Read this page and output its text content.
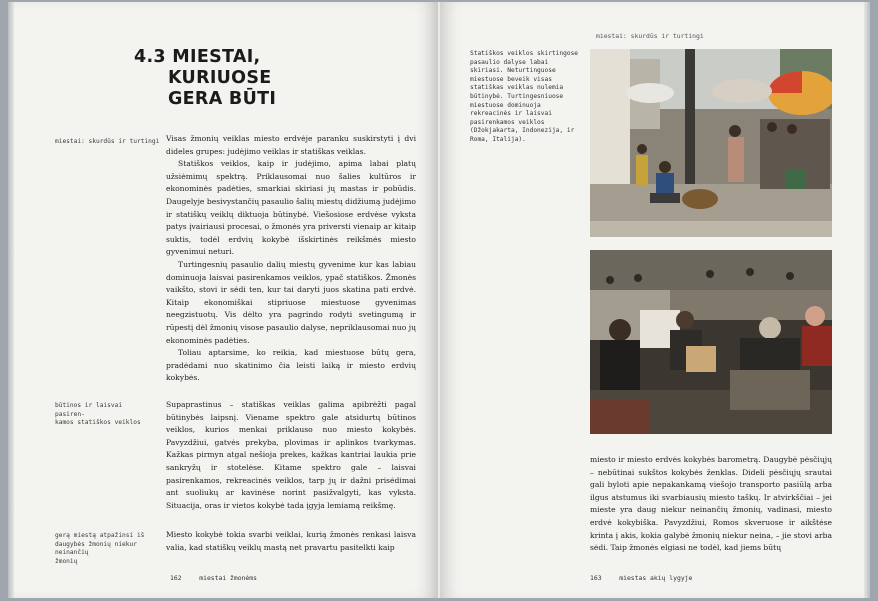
4.3 MIESTAI,
KURIUOSE
GERA BŪTI
miestai: skurdūs ir turtingi
būtinos ir laisvai pasiren-
kamos statiškos veiklos
gerą miestą atpažinsi iš
daugybės žmonių niekur neinančių
žmonių

Visas žmonių veiklas miesto erdvėje paranku suskirstyti į dvi dideles grupes: judėjimo veiklas ir statiškas veiklas.

Statiškos veiklos, kaip ir judėjimo, apima labai platų užsiėmimų spektrą. Priklausomai nuo šalies kultūros ir ekonominės padėties, smarkiai skiriasi jų mastas ir pobūdis. Daugelyje besivystančių pasaulio šalių miestų didžiumą judėjimo ir statiškų veiklų diktuoja būtinybė. Viešosiose erdvėse vyksta patys įvairiausi procesai, o žmonės yra priversti vienaip ar kitaip suktis, todėl erdvių kokybė išskirtinės reikšmės miesto gyvenimui neturi.

Turtingesnių pasaulio dalių miestų gyvenime kur kas labiau dominuoja laisvai pasirenkamos veiklos, ypač statiškos. Žmonės vaikšto, stovi ir sėdi ten, kur tai daryti juos skatina pati erdvė. Kitaip ekonomiškai stipriuose miestuose gyvenimas neegzistuotų. Vis dėlto yra pagrindo rodyti svetingumą ir rūpestį dėl žmonių visose pasaulio dalyse, nepriklausomai nuo jų ekonominės padėties.

Toliau aptarsime, ko reikia, kad miestuose būtų gera, pradėdami nuo skatinimo čia leisti laiką ir miesto erdvių kokybės.

Supaprastinus – statiškas veiklas galima apibrėžti pagal būtinybės laipsnį. Viename spektro gale atsidurtų būtinos veiklos, kurios menkai priklauso nuo miesto kokybės. Pavyzdžiui, gatvės prekyba, plovimas ir aplinkos tvarkymas. Kažkas pirmyn atgal nešioja prekes, kažkas kantriai laukia prie sankryžų ir stotelėse. Kitame spektro gale – laisvai pasirenkamos, rekreacinės veiklos, tarp jų ir dažni prisėdimai ant suoliukų ar kavinėse norint pasižvalgyti, kas vyksta. Situacija, oras ir vietos kokybė tada įgyja lemiamą reikšmę.

Miesto kokybė tokia svarbi veiklai, kurią žmonės renkasi laisva valia, kad statiškų veiklų mastą net pravartu pasitelkti kaip

162	miestai žmonėms
miestai: skurdūs ir turtingi
Statiškos veiklos skirtingose pasaulio dalyse labai skiriasi. Neturtinguose miestuose beveik visas statiškas veiklas nulemia būtinybė. Turtingesniuose miestuose dominuoja rekreacinės ir laisvai pasirenkamos veiklos (Džokjakarta, Indonezija, ir Roma, Italija).

miesto ir miesto erdvės kokybės barometrą. Daugybė pėsčiųjų – nebūtinai sukštos kokybės ženklas. Dideli pėsčiųjų srautai gali byloti apie nepakankamą viešojo transporto pasiūlą arba ilgus atstumus iki svarbiausių miesto taškų. Ir atvirkščiai – jei miestе yra daug niekur neinančių žmonių, vadinasi, miesto erdvė kokybiška. Pavyzdžiui, Romos skveruose ir aikštėse krinta į akis, kokia galybė žmonių niekur neina, – jie stovi arba sėdi. Taip žmonės elgiasi ne todėl, kad jiems būtų

163	miestas akių lygyje
